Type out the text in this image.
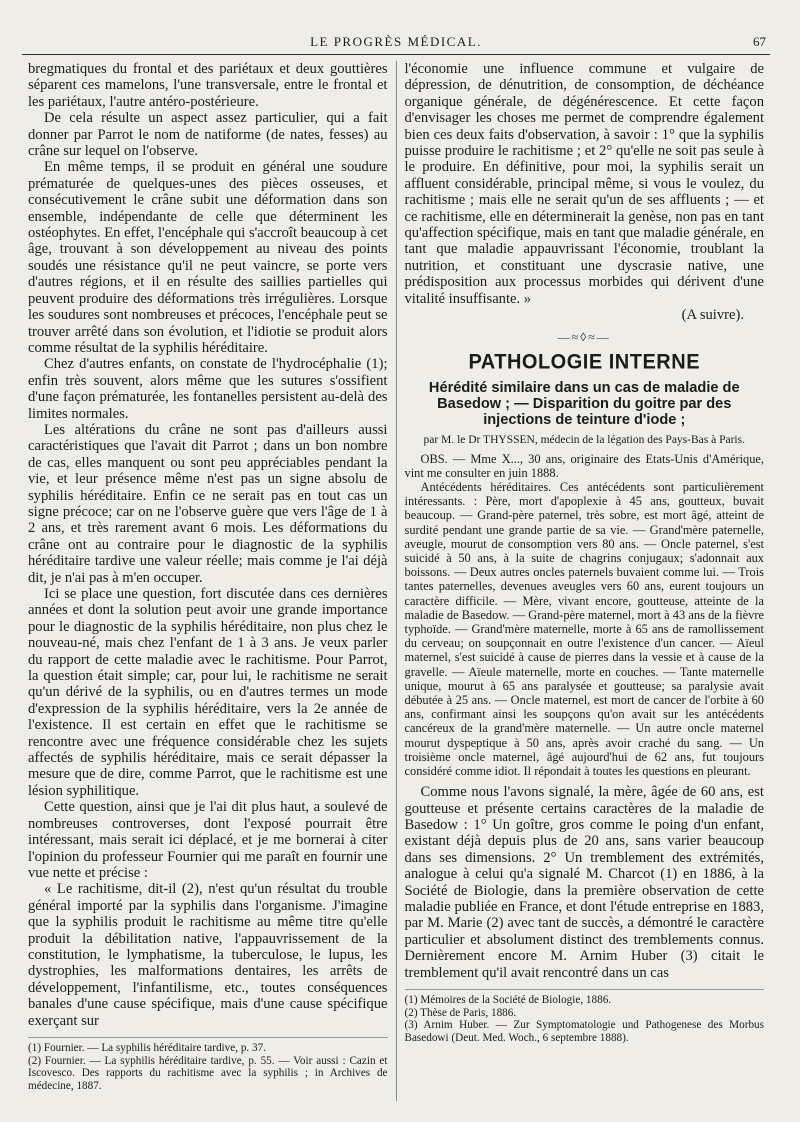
LE PROGRÈS MÉDICAL.	67

bregmatiques du frontal et des pariétaux et deux gouttières séparent ces mamelons, l'une transversale, entre le frontal et les pariétaux, l'autre antéro-postérieure.

De cela résulte un aspect assez particulier, qui a fait donner par Parrot le nom de natiforme (de nates, fesses) au crâne sur lequel on l'observe.

En même temps, il se produit en général une soudure prématurée de quelques-unes des pièces osseuses, et consécutivement le crâne subit une déformation dans son ensemble, indépendante de celle que déterminent les ostéophytes. En effet, l'encéphale qui s'accroît beaucoup à cet âge, trouvant à son développement au niveau des points soudés une résistance qu'il ne peut vaincre, se porte vers d'autres régions, et il en résulte des saillies partielles qui peuvent produire des déformations très irrégulières. Lorsque les soudures sont nombreuses et précoces, l'encéphale peut se trouver arrêté dans son évolution, et l'idiotie se produit alors comme résultat de la syphilis héréditaire.

Chez d'autres enfants, on constate de l'hydrocéphalie (1); enfin très souvent, alors même que les sutures s'ossifient d'une façon prématurée, les fontanelles persistent au-delà des limites normales.

Les altérations du crâne ne sont pas d'ailleurs aussi caractéristiques que l'avait dit Parrot ; dans un bon nombre de cas, elles manquent ou sont peu appréciables pendant la vie, et leur présence même n'est pas un signe absolu de syphilis héréditaire. Enfin ce ne serait pas en tout cas un signe précoce; car on ne l'observe guère que vers l'âge de 1 à 2 ans, et très rarement avant 6 mois. Les déformations du crâne ont au contraire pour le diagnostic de la syphilis héréditaire tardive une valeur réelle; mais comme je l'ai déjà dit, je n'ai pas à m'en occuper.

Ici se place une question, fort discutée dans ces dernières années et dont la solution peut avoir une grande importance pour le diagnostic de la syphilis héréditaire, non plus chez le nouveau-né, mais chez l'enfant de 1 à 3 ans. Je veux parler du rapport de cette maladie avec le rachitisme. Pour Parrot, la question était simple; car, pour lui, le rachitisme ne serait qu'un dérivé de la syphilis, ou en d'autres termes un mode d'expression de la syphilis héréditaire, vers la 2e année de l'existence. Il est certain en effet que le rachitisme se rencontre avec une fréquence considérable chez les sujets affectés de syphilis héréditaire, mais ce serait dépasser la mesure que de dire, comme Parrot, que le rachitisme est une lésion syphilitique.

Cette question, ainsi que je l'ai dit plus haut, a soulevé de nombreuses controverses, dont l'exposé pourrait être intéressant, mais serait ici déplacé, et je me bornerai à citer l'opinion du professeur Fournier qui me paraît en fournir une vue nette et précise :

« Le rachitisme, dit-il (2), n'est qu'un résultat du trouble général importé par la syphilis dans l'organisme. J'imagine que la syphilis produit le rachitisme au même titre qu'elle produit la débilitation native, l'appauvrissement de la constitution, le lymphatisme, la tuberculose, le lupus, les dystrophies, les malformations dentaires, les arrêts de développement, l'infantilisme, etc., toutes conséquences banales d'une cause spécifique, mais d'une cause spécifique exerçant sur

(1) Fournier. — La syphilis héréditaire tardive, p. 37.

(2) Fournier. — La syphilis héréditaire tardive, p. 55. — Voir aussi : Cazin et Iscovesco. Des rapports du rachitisme avec la syphilis ; in Archives de médecine, 1887.

l'économie une influence commune et vulgaire de dépression, de dénutrition, de consomption, de déchéance organique générale, de dégénérescence. Et cette façon d'envisager les choses me permet de comprendre également bien ces deux faits d'observation, à savoir : 1° que la syphilis puisse produire le rachitisme ; et 2° qu'elle ne soit pas seule à le produire. En définitive, pour moi, la syphilis serait un affluent considérable, principal même, si vous le voulez, du rachitisme ; mais elle ne serait qu'un de ses affluents ; — et ce rachitisme, elle en déterminerait la genèse, non pas en tant qu'affection spécifique, mais en tant que maladie générale, en tant que maladie appauvrissant l'économie, troublant la nutrition, et constituant une dyscrasie native, une prédisposition aux processus morbides qui dérivent d'une vitalité insuffisante. »

(A suivre).

—≈◊≈—
PATHOLOGIE INTERNE
Hérédité similaire dans un cas de maladie de Basedow ; — Disparition du goitre par des injections de teinture d'iode ;
par M. le Dr THYSSEN, médecin de la légation des Pays-Bas à Paris.

OBS. — Mme X..., 30 ans, originaire des Etats-Unis d'Amérique, vint me consulter en juin 1888.

Antécédents héréditaires. Ces antécédents sont particulièrement intéressants. : Père, mort d'apoplexie à 45 ans, goutteux, buvait beaucoup. — Grand-père paternel, très sobre, est mort âgé, atteint de surdité pendant une grande partie de sa vie. — Grand'mère paternelle, aveugle, mourut de consomption vers 80 ans. — Oncle paternel, s'est suicidé à 50 ans, à la suite de chagrins conjugaux; s'adonnait aux boissons. — Deux autres oncles paternels buvaient comme lui. — Trois tantes paternelles, devenues aveugles vers 60 ans, eurent toujours un caractère difficile. — Mère, vivant encore, goutteuse, atteinte de la maladie de Basedow. — Grand-père maternel, mort à 43 ans de la fièvre typhoïde. — Grand'mère maternelle, morte à 65 ans de ramollissement du cerveau; on soupçonnait en outre l'existence d'un cancer. — Aïeul maternel, s'est suicidé à cause de pierres dans la vessie et à cause de la gravelle. — Aïeule maternelle, morte en couches. — Tante maternelle unique, mourut à 65 ans paralysée et goutteuse; sa paralysie avait débutée à 25 ans. — Oncle maternel, est mort de cancer de l'orbite à 60 ans, confirmant ainsi les soupçons qu'on avait sur les antécédents cancéreux de la grand'mère maternelle. — Un autre oncle maternel mourut dyspeptique à 50 ans, après avoir craché du sang. — Un troisième oncle maternel, âgé aujourd'hui de 62 ans, fut toujours considéré comme idiot. Il répondait à toutes les questions en pleurant.

Comme nous l'avons signalé, la mère, âgée de 60 ans, est goutteuse et présente certains caractères de la maladie de Basedow : 1° Un goître, gros comme le poing d'un enfant, existant déjà depuis plus de 20 ans, sans varier beaucoup dans ses dimensions. 2° Un tremblement des extrémités, analogue à celui qu'a signalé M. Charcot (1) en 1886, à la Société de Biologie, dans la première observation de cette maladie publiée en France, et dont l'étude entreprise en 1883, par M. Marie (2) avec tant de succès, a démontré le caractère particulier et absolument distinct des tremblements connus. Dernièrement encore M. Arnim Huber (3) citait le tremblement qu'il avait rencontré dans un cas

(1) Mémoires de la Société de Biologie, 1886.

(2) Thèse de Paris, 1886.

(3) Arnim Huber. — Zur Symptomatologie und Pathogenese des Morbus Basedowi (Deut. Med. Woch., 6 septembre 1888).
